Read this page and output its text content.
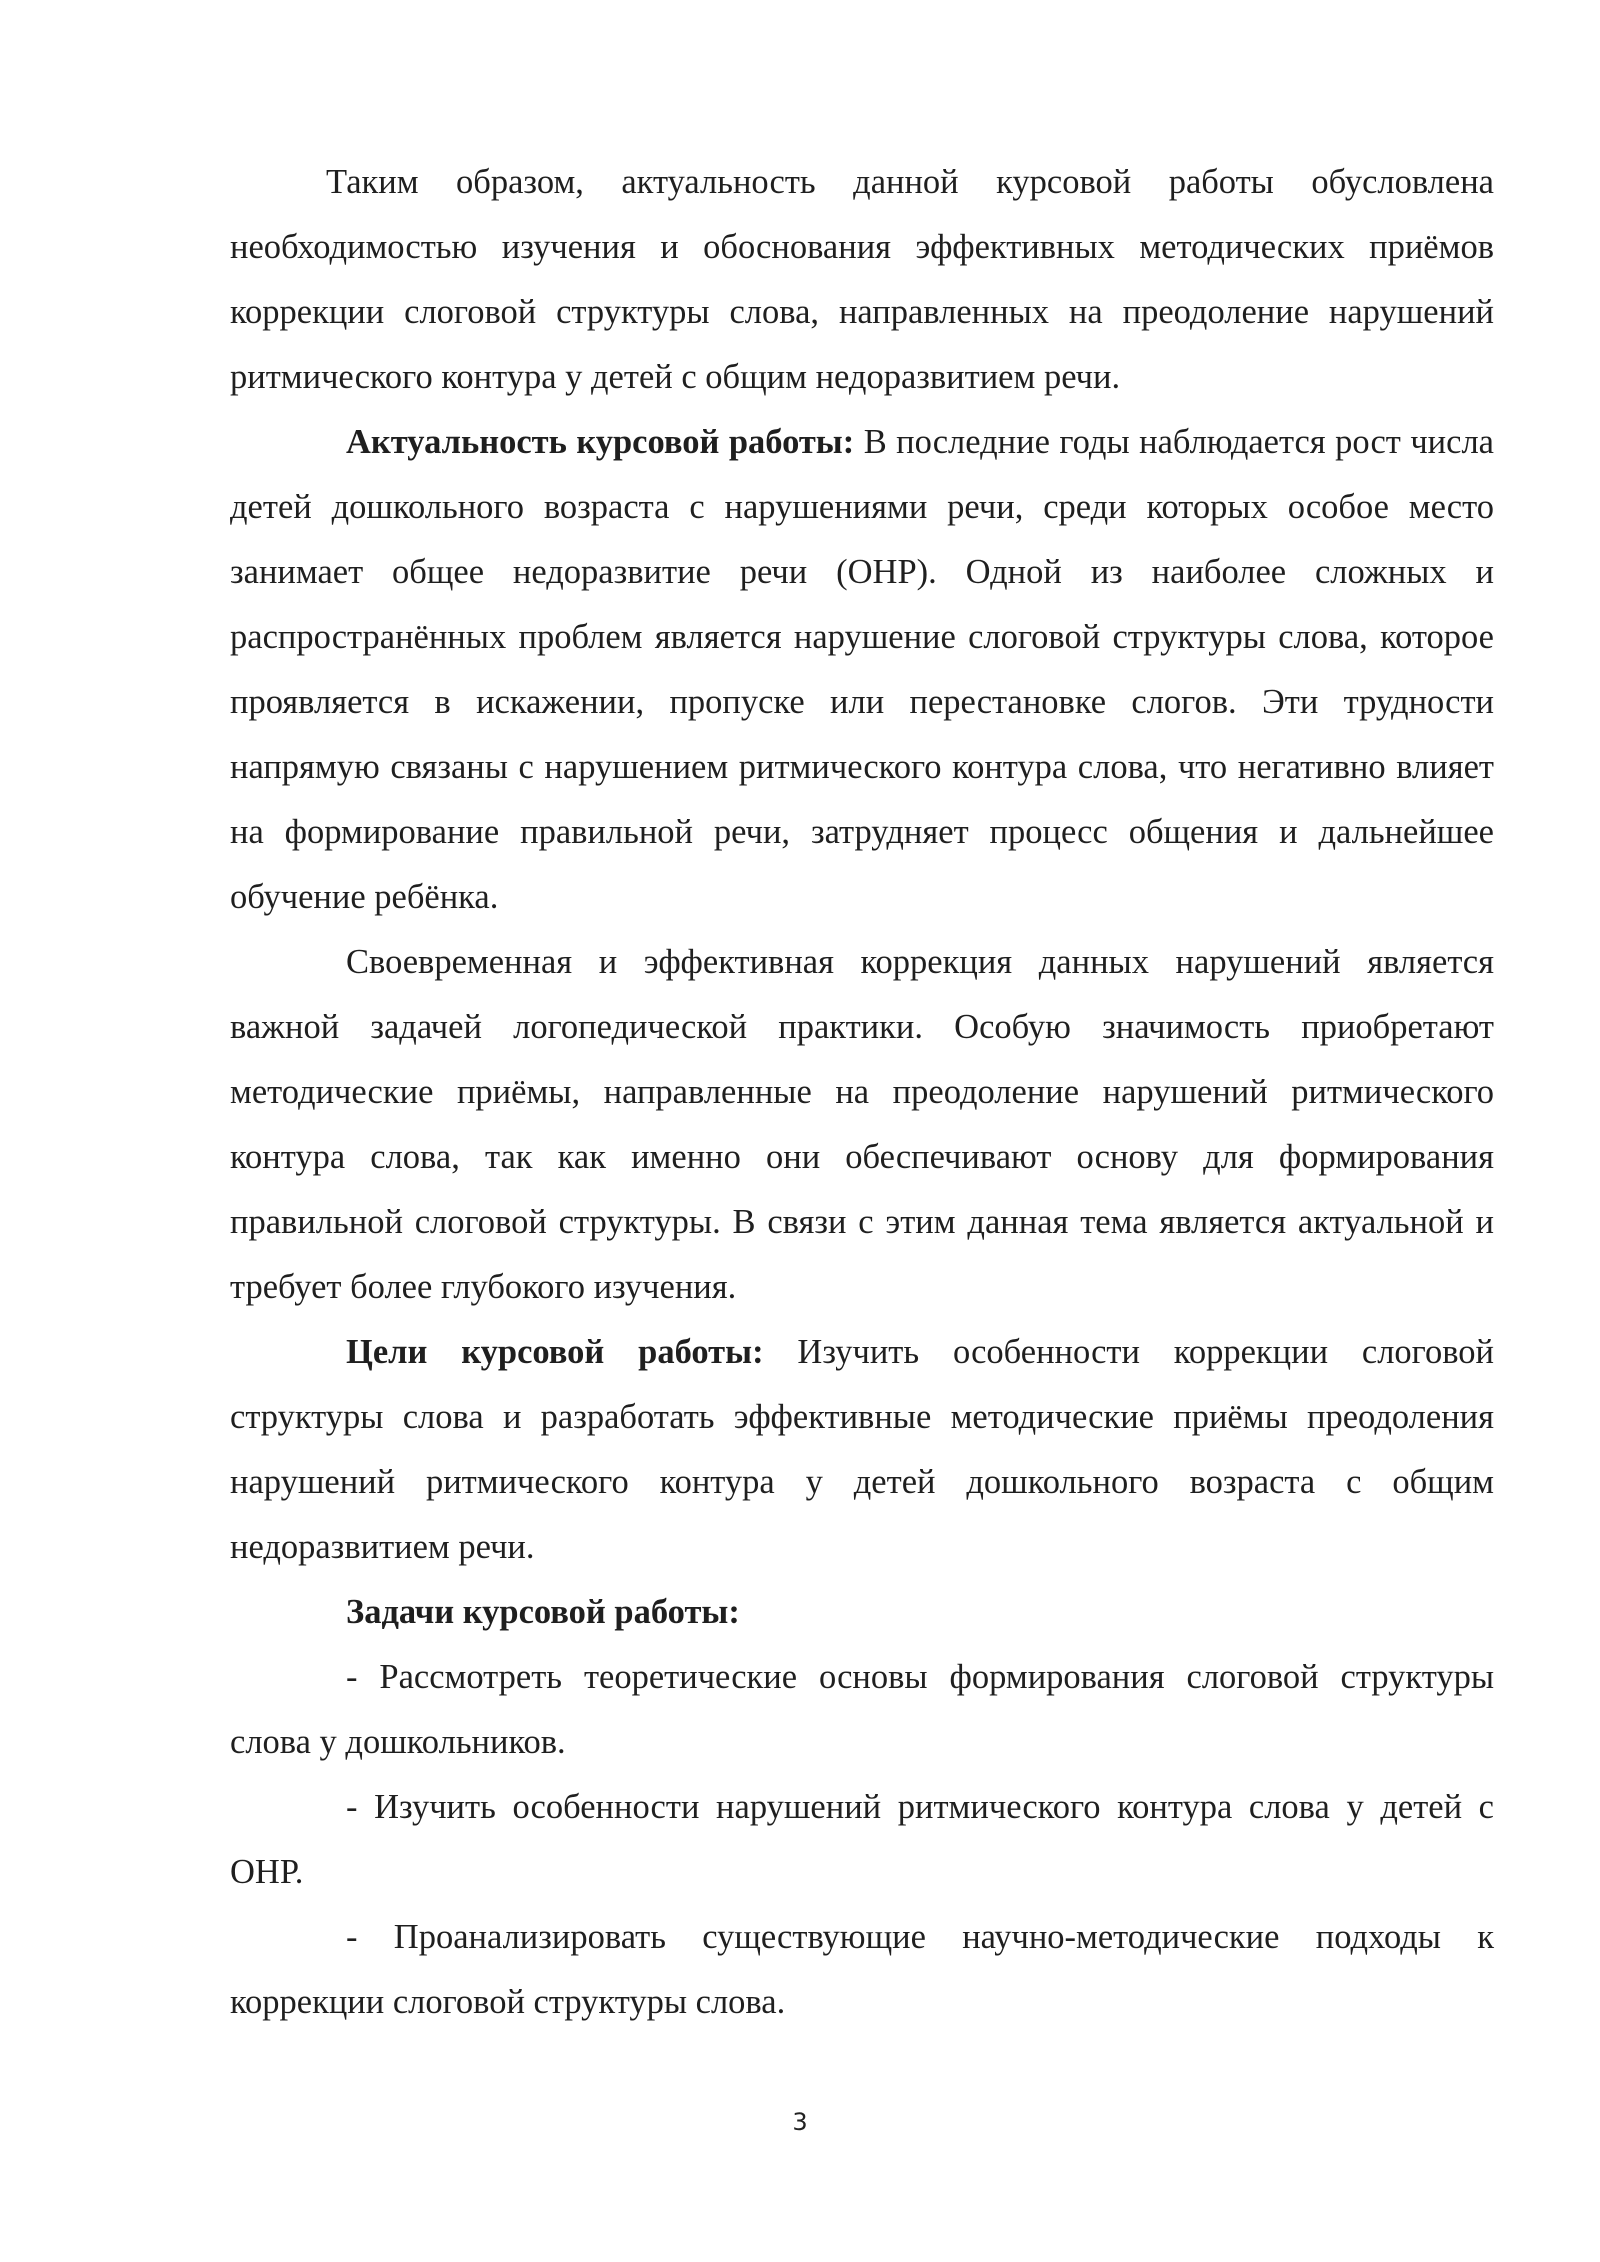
Таким образом, актуальность данной курсовой работы обусловлена необходимостью изучения и обоснования эффективных методических приёмов коррекции слоговой структуры слова, направленных на преодоление нарушений ритмического контура у детей с общим недоразвитием речи.

Актуальность курсовой работы: В последние годы наблюдается рост числа детей дошкольного возраста с нарушениями речи, среди которых особое место занимает общее недоразвитие речи (ОНР). Одной из наиболее сложных и распространённых проблем является нарушение слоговой структуры слова, которое проявляется в искажении, пропуске или перестановке слогов. Эти трудности напрямую связаны с нарушением ритмического контура слова, что негативно влияет на формирование правильной речи, затрудняет процесс общения и дальнейшее обучение ребёнка.

Своевременная и эффективная коррекция данных нарушений является важной задачей логопедической практики. Особую значимость приобретают методические приёмы, направленные на преодоление нарушений ритмического контура слова, так как именно они обеспечивают основу для формирования правильной слоговой структуры. В связи с этим данная тема является актуальной и требует более глубокого изучения.

Цели курсовой работы: Изучить особенности коррекции слоговой структуры слова и разработать эффективные методические приёмы преодоления нарушений ритмического контура у детей дошкольного возраста с общим недоразвитием речи.

Задачи курсовой работы:

- Рассмотреть теоретические основы формирования слоговой структуры слова у дошкольников.

- Изучить особенности нарушений ритмического контура слова у детей с ОНР.

- Проанализировать существующие научно-методические подходы к коррекции слоговой структуры слова.

3
